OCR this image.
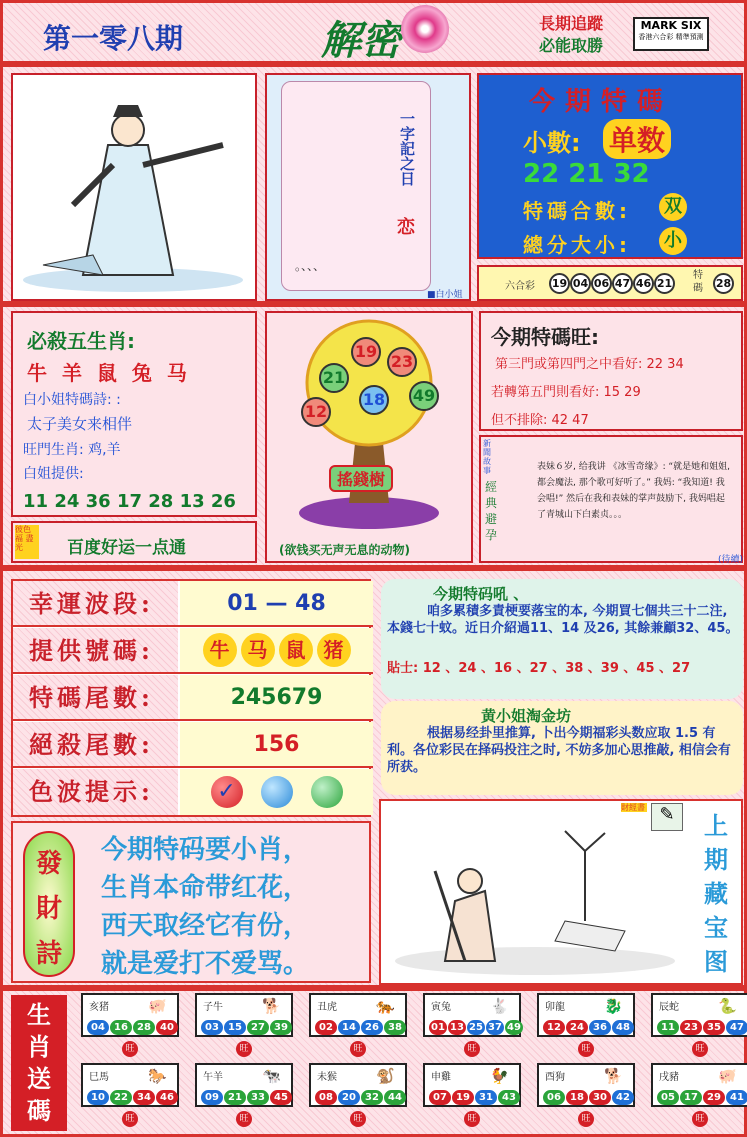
第一零八期	解密	長期追蹤
必能取勝
MARK SIX
香港六合彩 精準預測
。、、、
一字記之日
恋
■白小姐
今期特碼
小數: 单数
22 21 32
特碼合數: 双
總分大小: 小
六合彩 19 04 06 47 46 21
特碼	28
必殺五生肖:
牛 羊 鼠 兔 马
白小姐特碼詩: :
太子美女来相伴
旺門生肖: 鸡,羊
白姐提供:
11 24 36 17 28 13 26
彼色 福 盡光	百度好运一点通
19
23
21
18
12
49
搖錢樹
(欲钱买无声无息的动物)
今期特碼旺:
第三門或第四門之中看好: 22 34
若轉第五門則看好: 15 29
但不排除: 42 47
新聞故事
經典避孕
表妹６岁, 给我讲 《冰雪奇缘》: “就是她和姐姐, 都会魔法, 那个歌可好听了。” 我妈: “我知道! 我会唱!” 然后在我和表妹的掌声鼓励下, 我妈唱起了青城山下白素贞。。。
(待續)
幸運波段:	01 — 48
提供號碼:	牛 马 鼠 猪
特碼尾數:	245679
絕殺尾數:	156
色波提示:	✓
今期特码吼 、
咱多累積多責梗要落宝的本, 今期買七個共三十二注, 本錢七十蚊。近日介紹過11、14 及26, 其餘兼顧32、45。
貼士: 12 、24 、16 、27 、38 、39 、45 、27
黄小姐淘金坊
根据易经卦里推算, 卜出今期福彩头数应取 1.5 有利。各位彩民在择码投注之时, 不妨多加心思推敲, 相信会有所获。
發
財
詩
今期特码要小肖，
生肖本命带红花，
西天取经它有份，
就是爱打不爱骂。
財經書 ✎	上
期
藏
宝
图
生
肖
送
碼
亥猪	🐖
04 16 28 40
旺
子牛	🐕
03 15 27 39
旺
丑虎	🐅
02 14 26 38
旺
寅兔	🐇
01 13 25 37 49
旺
卯龍	🐉
12 24 36 48
旺
辰蛇	🐍
11 23 35 47
旺
巳馬	🐎
10 22 34 46
旺
午羊	🐄
09 21 33 45
旺
未猴	🐒
08 20 32 44
旺
申雞	🐓
07 19 31 43
旺
酉狗	🐕
06 18 30 42
旺
戌豬	🐖
05 17 29 41
旺
